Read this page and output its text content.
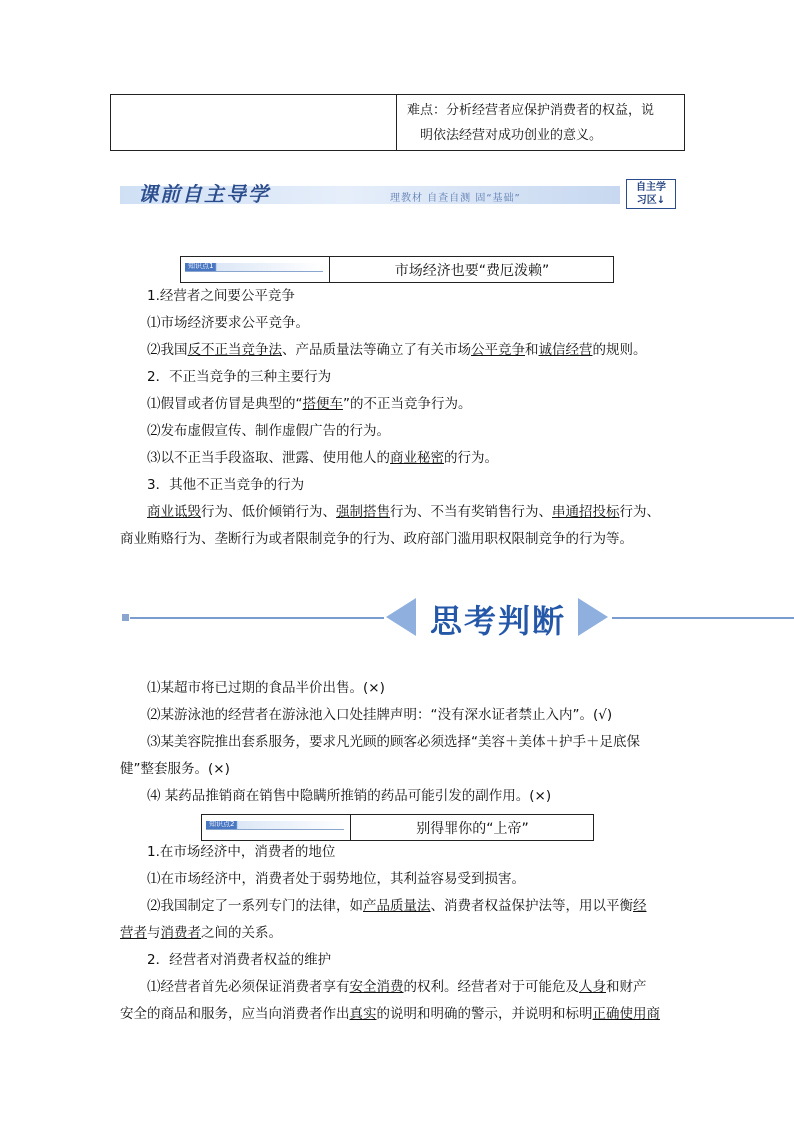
难点：分析经营者应保护消费者的权益，说
明依法经营对成功创业的意义。
课前自主导学	理教材 自查自测 固“基础”
自主学
习区↓
知识点1	市场经济也要“费厄泼赖”
1.经营者之间要公平竞争
⑴市场经济要求公平竞争。
⑵我国反不正当竞争法、产品质量法等确立了有关市场公平竞争和诚信经营的规则。
2．不正当竞争的三种主要行为
⑴假冒或者仿冒是典型的“搭便车”的不正当竞争行为。
⑵发布虚假宣传、制作虚假广告的行为。
⑶以不正当手段盗取、泄露、使用他人的商业秘密的行为。
3．其他不正当竞争的行为
商业诋毁行为、低价倾销行为、强制搭售行为、不当有奖销售行为、串通招投标行为、
商业贿赂行为、垄断行为或者限制竞争的行为、政府部门滥用职权限制竞争的行为等。
思考判断
⑴某超市将已过期的食品半价出售。(×)
⑵某游泳池的经营者在游泳池入口处挂牌声明：“没有深水证者禁止入内”。(√)
⑶某美容院推出套系服务，要求凡光顾的顾客必须选择“美容＋美体＋护手＋足底保
健”整套服务。(×)
⑷ 某药品推销商在销售中隐瞒所推销的药品可能引发的副作用。(×)
知识点2	别得罪你的“上帝”
1.在市场经济中，消费者的地位
⑴在市场经济中，消费者处于弱势地位，其利益容易受到损害。
⑵我国制定了一系列专门的法律，如产品质量法、消费者权益保护法等，用以平衡经
营者与消费者之间的关系。
2．经营者对消费者权益的维护
⑴经营者首先必须保证消费者享有安全消费的权利。经营者对于可能危及人身和财产
安全的商品和服务，应当向消费者作出真实的说明和明确的警示，并说明和标明正确使用商
